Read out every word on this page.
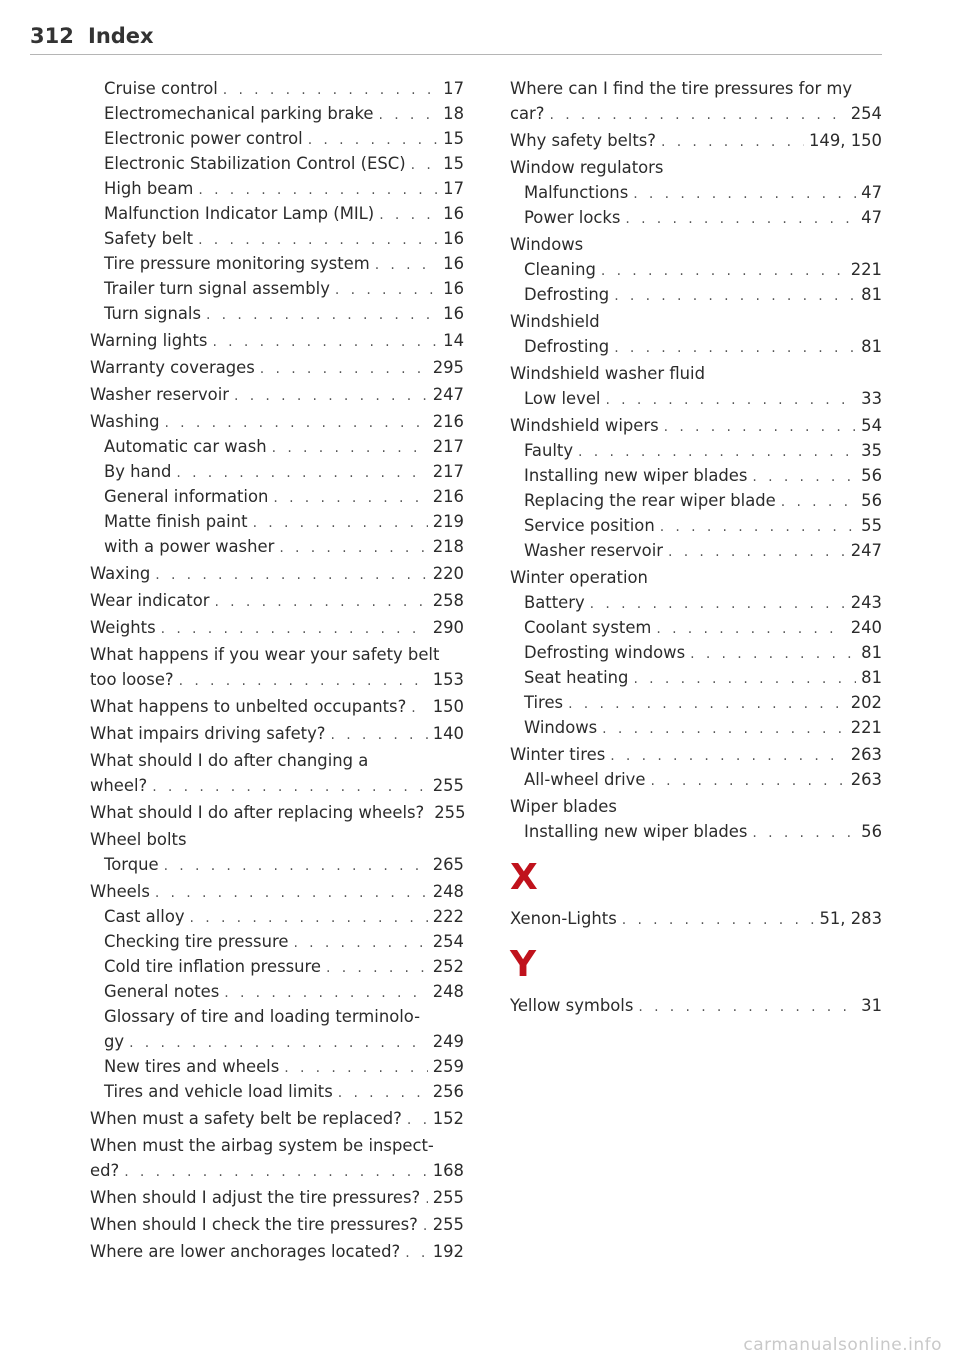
312 Index
Cruise control . . .	17
Electromechanical parking brake . . .	18
Electronic power control . . .	15
Electronic Stabilization Control (ESC) . . . 15
High beam . . .	17
Malfunction Indicator Lamp (MIL) . . .	16
Safety belt . . .	16
Tire pressure monitoring system . . .	16
Trailer turn signal assembly . . .	16
Turn signals . . .	16
Warning lights . . .	14
Warranty coverages . . .	295
Washer reservoir . . .	247
Washing . . .	216
Automatic car wash . . .	217
By hand . . .	217
General information . . .	216
Matte finish paint . . .	219
with a power washer . . .	218
Waxing . . .	220
Wear indicator . . .	258
Weights . . .	290
What happens if you wear your safety belt
too loose? . . .	153
What happens to unbelted occupants? . . . 150
What impairs driving safety? . . .	140
What should I do after changing a
wheel? . . .	255
What should I do after replacing wheels? 255
Wheel bolts
Torque . . .	265
Wheels . . .	248
Cast alloy . . .	222
Checking tire pressure . . .	254
Cold tire inflation pressure . . .	252
General notes . . .	248
Glossary of tire and loading terminolo-
gy . . .	249
New tires and wheels . . .	259
Tires and vehicle load limits . . .	256
When must a safety belt be replaced? . . . 152
When must the airbag system be inspect-
ed? . . .	168
When should I adjust the tire pressures? . . . 255
When should I check the tire pressures? . . . 255
Where are lower anchorages located? . . . 192
Where can I find the tire pressures for my
car? . . .	254
Why safety belts? . . .	149, 150
Window regulators
Malfunctions . . .	47
Power locks . . .	47
Windows
Cleaning . . .	221
Defrosting . . .	81
Windshield
Defrosting . . .	81
Windshield washer fluid
Low level . . .	33
Windshield wipers . . .	54
Faulty . . .	35
Installing new wiper blades . . .	56
Replacing the rear wiper blade . . .	56
Service position . . .	55
Washer reservoir . . .	247
Winter operation
Battery . . .	243
Coolant system . . .	240
Defrosting windows . . .	81
Seat heating . . .	81
Tires . . .	202
Windows . . .	221
Winter tires . . .	263
All-wheel drive . . .	263
Wiper blades
Installing new wiper blades . . .	56
X
Xenon-Lights . . .	51, 283
Y
Yellow symbols . . .	31
carmanualsonline.info
